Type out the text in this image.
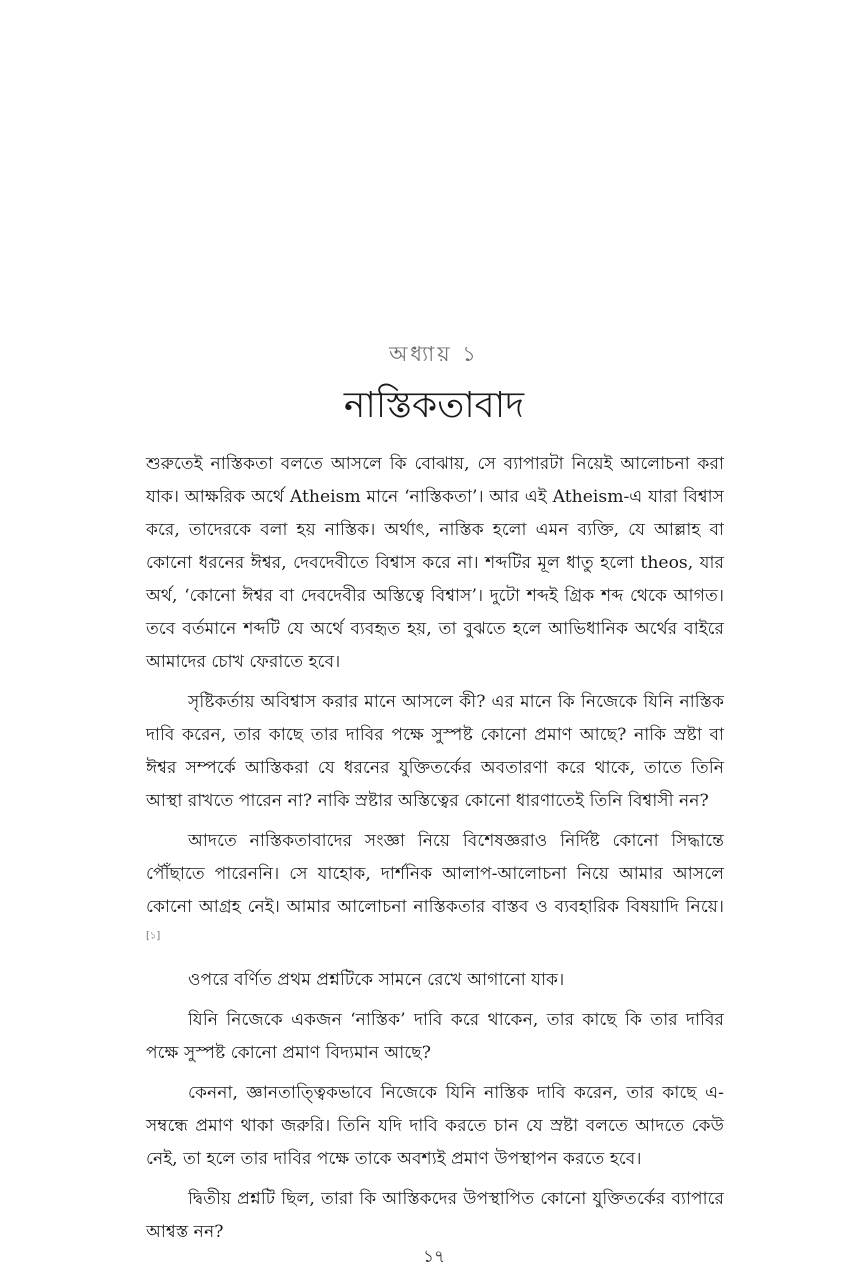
অধ্যায় ১
নাস্তিকতাবাদ

শুরুতেই নাস্তিকতা বলতে আসলে কি বোঝায়, সে ব্যাপারটা নিয়েই আলোচনা করা যাক। আক্ষরিক অর্থে Atheism মানে ‘নাস্তিকতা’। আর এই Atheism-এ যারা বিশ্বাস করে, তাদেরকে বলা হয় নাস্তিক। অর্থাৎ, নাস্তিক হলো এমন ব্যক্তি, যে আল্লাহ বা কোনো ধরনের ঈশ্বর, দেবদেবীতে বিশ্বাস করে না। শব্দটির মূল ধাতু হলো theos, যার অর্থ, ‘কোনো ঈশ্বর বা দেবদেবীর অস্তিত্বে বিশ্বাস’। দুটো শব্দই গ্রিক শব্দ থেকে আগত। তবে বর্তমানে শব্দটি যে অর্থে ব্যবহৃত হয়, তা বুঝতে হলে আভিধানিক অর্থের বাইরে আমাদের চোখ ফেরাতে হবে।

সৃষ্টিকর্তায় অবিশ্বাস করার মানে আসলে কী? এর মানে কি নিজেকে যিনি নাস্তিক দাবি করেন, তার কাছে তার দাবির পক্ষে সুস্পষ্ট কোনো প্রমাণ আছে? নাকি স্রষ্টা বা ঈশ্বর সম্পর্কে আস্তিকরা যে ধরনের যুক্তিতর্কের অবতারণা করে থাকে, তাতে তিনি আস্থা রাখতে পারেন না? নাকি স্রষ্টার অস্তিত্বের কোনো ধারণাতেই তিনি বিশ্বাসী নন?

আদতে নাস্তিকতাবাদের সংজ্ঞা নিয়ে বিশেষজ্ঞরাও নির্দিষ্ট কোনো সিদ্ধান্তে পৌঁছাতে পারেননি। সে যাহোক, দার্শনিক আলাপ-আলোচনা নিয়ে আমার আসলে কোনো আগ্রহ নেই। আমার আলোচনা নাস্তিকতার বাস্তব ও ব্যবহারিক বিষয়াদি নিয়ে।[১]

ওপরে বর্ণিত প্রথম প্রশ্নটিকে সামনে রেখে আগানো যাক।

যিনি নিজেকে একজন ‘নাস্তিক’ দাবি করে থাকেন, তার কাছে কি তার দাবির পক্ষে সুস্পষ্ট কোনো প্রমাণ বিদ্যমান আছে?

কেননা, জ্ঞানতাত্ত্বিকভাবে নিজেকে যিনি নাস্তিক দাবি করেন, তার কাছে এ-সম্বন্ধে প্রমাণ থাকা জরুরি। তিনি যদি দাবি করতে চান যে স্রষ্টা বলতে আদতে কেউ নেই, তা হলে তার দাবির পক্ষে তাকে অবশ্যই প্রমাণ উপস্থাপন করতে হবে।

দ্বিতীয় প্রশ্নটি ছিল, তারা কি আস্তিকদের উপস্থাপিত কোনো যুক্তিতর্কের ব্যাপারে আশ্বস্ত নন?

১৭
